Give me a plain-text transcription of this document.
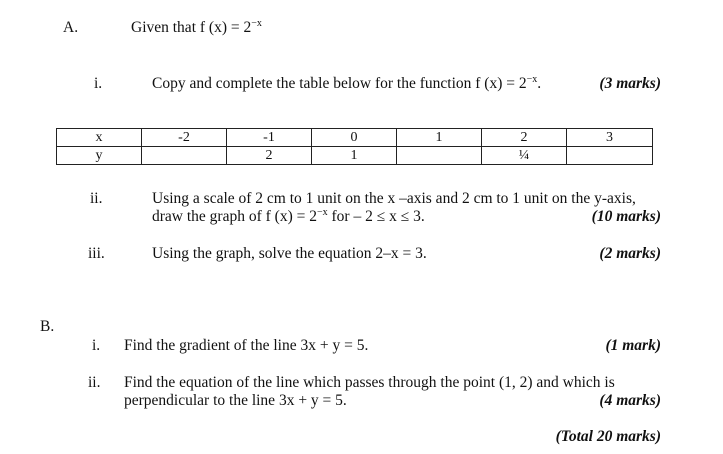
A.	Given that f $(x) = 2^{-x}$
i.	Copy and complete the table below for the function f $(x) = 2^{-x}$.	(3 marks)
x	-2	-1	0	1	2	3
y		2	1		¼	
ii.	Using a scale of 2 cm to 1 unit on the x –axis and 2 cm to 1 unit on the y-axis,
draw the graph of f $(x) = 2^{-x}$ for – 2 ≤ x ≤ 3.	(10 marks)
iii.	Using the graph, solve the equation 2–x = 3.	(2 marks)
B.
i. Find the gradient of the line 3x + y = 5.	(1 mark)
ii. Find the equation of the line which passes through the point (1, 2) and which is
perpendicular to the line 3x + y = 5.	(4 marks)
(Total 20 marks)
